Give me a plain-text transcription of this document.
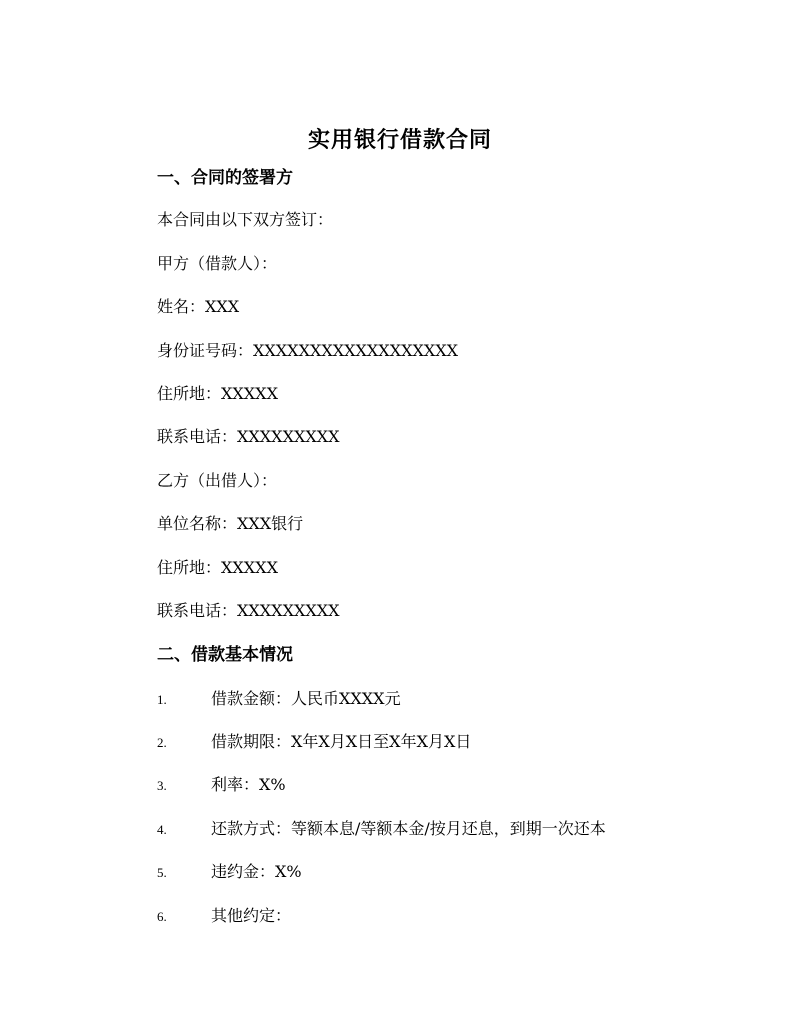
实用银行借款合同
一、合同的签署方
本合同由以下双方签订：
甲方（借款人）：
姓名：XXX
身份证号码：XXXXXXXXXXXXXXXXXX
住所地：XXXXX
联系电话：XXXXXXXXX
乙方（出借人）：
单位名称：XXX银行
住所地：XXXXX
联系电话：XXXXXXXXX
二、借款基本情况
1.	借款金额：人民币XXXX元
2.	借款期限：X年X月X日至X年X月X日
3.	利率：X%
4.	还款方式：等额本息/等额本金/按月还息，到期一次还本
5.	违约金：X%
6.	其他约定：
